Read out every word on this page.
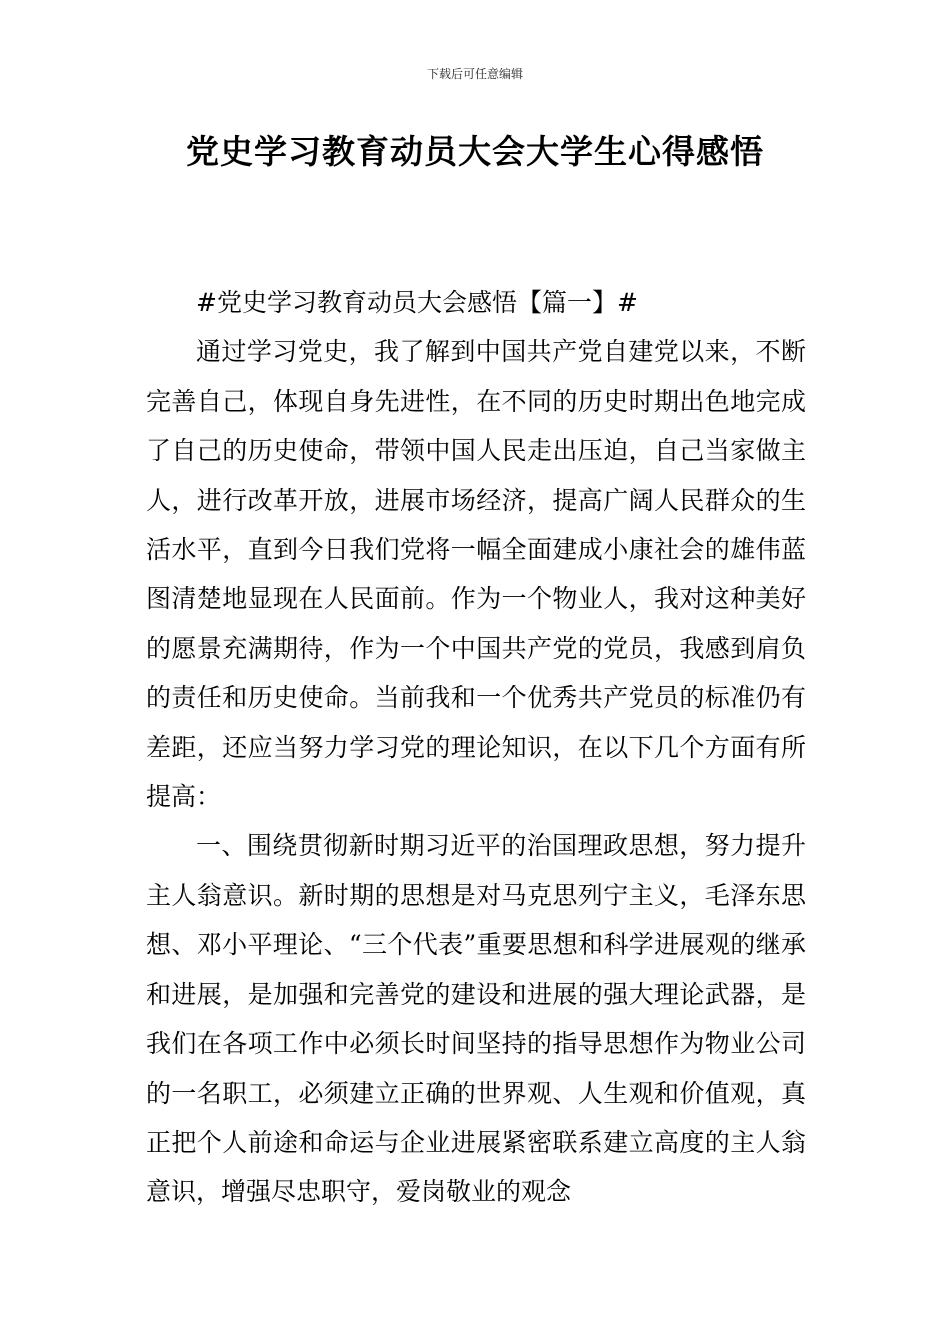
下载后可任意编辑
党史学习教育动员大会大学生心得感悟

#党史学习教育动员大会感悟【篇一】#

通过学习党史，我了解到中国共产党自建党以来，不断完善自己，体现自身先进性，在不同的历史时期出色地完成了自己的历史使命，带领中国人民走出压迫，自己当家做主人，进行改革开放，进展市场经济，提高广阔人民群众的生活水平，直到今日我们党将一幅全面建成小康社会的雄伟蓝图清楚地显现在人民面前。作为一个物业人，我对这种美好的愿景充满期待，作为一个中国共产党的党员，我感到肩负的责任和历史使命。当前我和一个优秀共产党员的标准仍有差距，还应当努力学习党的理论知识，在以下几个方面有所提高：

一、围绕贯彻新时期习近平的治国理政思想，努力提升主人翁意识。新时期的思想是对马克思列宁主义，毛泽东思想、邓小平理论、“三个代表”重要思想和科学进展观的继承和进展，是加强和完善党的建设和进展的强大理论武器，是我们在各项工作中必须长时间坚持的指导思想作为物业公司的一名职工，必须建立正确的世界观、人生观和价值观，真正把个人前途和命运与企业进展紧密联系建立高度的主人翁意识，增强尽忠职守，爱岗敬业的观念
